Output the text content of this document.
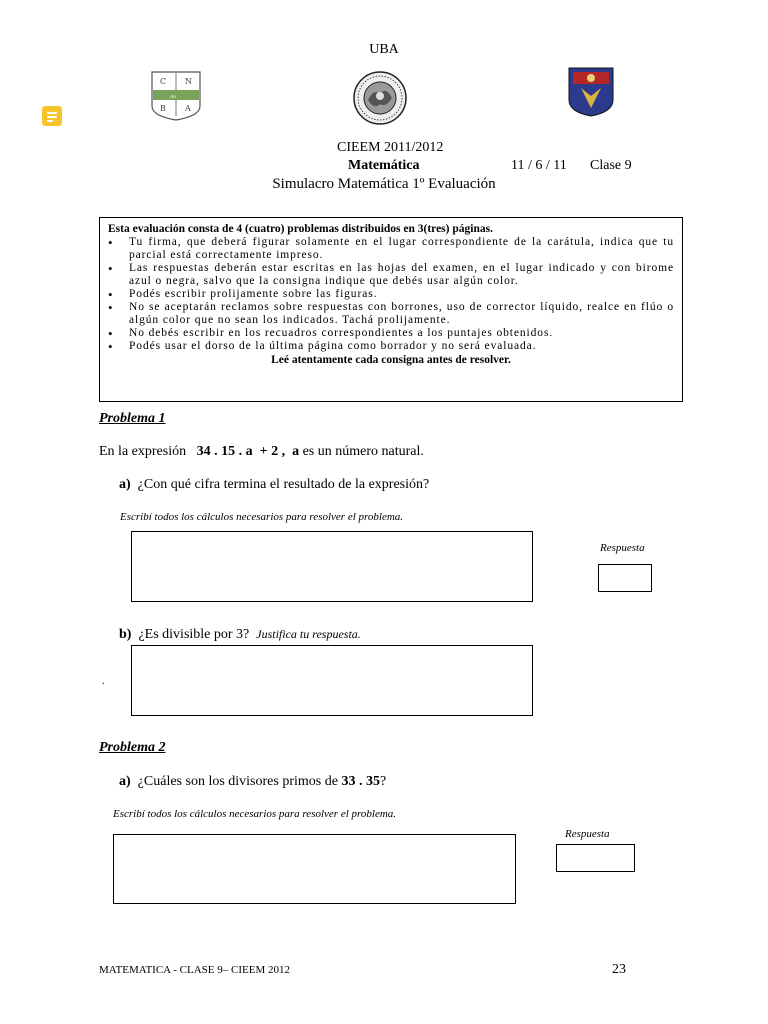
UBA
C N
de
B A
CIEEM 2011/2012
Matemática	11 / 6 / 11 Clase 9
Simulacro Matemática 1º Evaluación
Esta evaluación consta de 4 (cuatro) problemas distribuidos en 3(tres) páginas.
• Tu firma, que deberá figurar solamente en el lugar correspondiente de la carátula, indica que tu parcial está correctamente impreso.
• Las respuestas deberán estar escritas en las hojas del examen, en el lugar indicado y con birome azul o negra, salvo que la consigna indique que debés usar algún color.
• Podés escribir prolijamente sobre las figuras.
• No se aceptarán reclamos sobre respuestas con borrones, uso de corrector líquido, realce en flúo o algún color que no sean los indicados. Tachá prolijamente.
• No debés escribir en los recuadros correspondientes a los puntajes obtenidos.
• Podés usar el dorso de la última página como borrador y no será evaluada.
Leé atentamente cada consigna antes de resolver.
Problema 1
En la expresión 34 . 15 . a  + 2 , a es un número natural.
a) ¿Con qué cifra termina el resultado de la expresión?
Escribí todos los cálculos necesarios para resolver el problema.
Respuesta
b) ¿Es divisible por 3? Justifica tu respuesta.
.
Problema 2
a) ¿Cuáles son los divisores primos de 33 . 35?
Escribí todos los cálculos necesarios para resolver el problema.
Respuesta
MATEMATICA - CLASE 9– CIEEM 2012	23
